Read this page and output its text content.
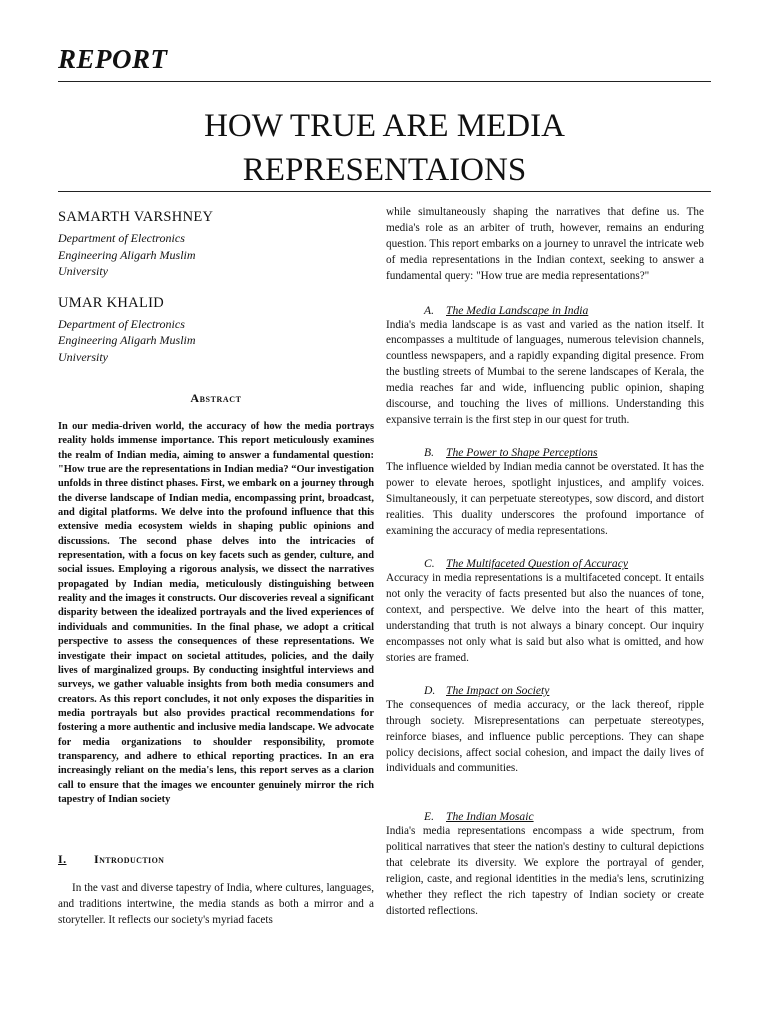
REPORT
HOW TRUE ARE MEDIA
REPRESENTAIONS
SAMARTH VARSHNEY
Department of Electronics
Engineering Aligarh Muslim
University
UMAR KHALID
Department of Electronics
Engineering Aligarh Muslim
University
Abstract
In our media-driven world, the accuracy of how the media portrays reality holds immense importance. This report meticulously examines the realm of Indian media, aiming to answer a fundamental question: "How true are the representations in Indian media? “Our investigation unfolds in three distinct phases. First, we embark on a journey through the diverse landscape of Indian media, encompassing print, broadcast, and digital platforms. We delve into the profound influence that this extensive media ecosystem wields in shaping public opinions and discussions. The second phase delves into the intricacies of representation, with a focus on key facets such as gender, culture, and social issues. Employing a rigorous analysis, we dissect the narratives propagated by Indian media, meticulously distinguishing between reality and the images it constructs. Our discoveries reveal a significant disparity between the idealized portrayals and the lived experiences of individuals and communities. In the final phase, we adopt a critical perspective to assess the consequences of these representations. We investigate their impact on societal attitudes, policies, and the daily lives of marginalized groups. By conducting insightful interviews and surveys, we gather valuable insights from both media consumers and creators. As this report concludes, it not only exposes the disparities in media portrayals but also provides practical recommendations for fostering a more authentic and inclusive media landscape. We advocate for media organizations to shoulder responsibility, promote transparency, and adhere to ethical reporting practices. In an era increasingly reliant on the media's lens, this report serves as a clarion call to ensure that the images we encounter genuinely mirror the rich tapestry of Indian society
I. Introduction

In the vast and diverse tapestry of India, where cultures, languages, and traditions intertwine, the media stands as both a mirror and a storyteller. It reflects our society's myriad facets

while simultaneously shaping the narratives that define us. The media's role as an arbiter of truth, however, remains an enduring question. This report embarks on a journey to unravel the intricate web of media representations in the Indian context, seeking to answer a fundamental query: "How true are media representations?"

A. The Media Landscape in India

India's media landscape is as vast and varied as the nation itself. It encompasses a multitude of languages, numerous television channels, countless newspapers, and a rapidly expanding digital presence. From the bustling streets of Mumbai to the serene landscapes of Kerala, the media reaches far and wide, influencing public opinion, shaping discourse, and touching the lives of millions. Understanding this expansive terrain is the first step in our quest for truth.

B. The Power to Shape Perceptions

The influence wielded by Indian media cannot be overstated. It has the power to elevate heroes, spotlight injustices, and amplify voices. Simultaneously, it can perpetuate stereotypes, sow discord, and distort realities. This duality underscores the profound importance of examining the accuracy of media representations.

C. The Multifaceted Question of Accuracy

Accuracy in media representations is a multifaceted concept. It entails not only the veracity of facts presented but also the nuances of tone, context, and perspective. We delve into the heart of this matter, understanding that truth is not always a binary concept. Our inquiry encompasses not only what is said but also what is omitted, and how stories are framed.

D. The Impact on Society

The consequences of media accuracy, or the lack thereof, ripple through society. Misrepresentations can perpetuate stereotypes, reinforce biases, and influence public perceptions. They can shape policy decisions, affect social cohesion, and impact the daily lives of individuals and communities.

E. The Indian Mosaic

India's media representations encompass a wide spectrum, from political narratives that steer the nation's destiny to cultural depictions that celebrate its diversity. We explore the portrayal of gender, religion, caste, and regional identities in the media's lens, scrutinizing whether they reflect the rich tapestry of Indian society or create distorted reflections.
